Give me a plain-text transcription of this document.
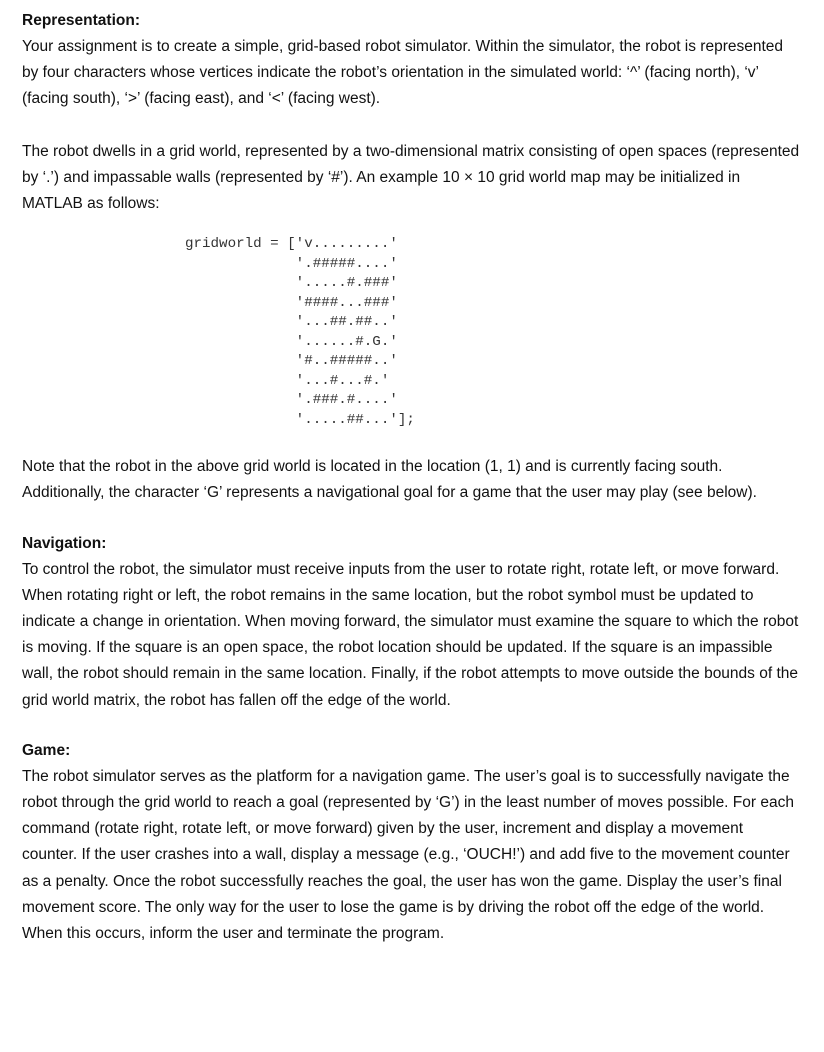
Representation:

Your assignment is to create a simple, grid-based robot simulator. Within the simulator, the robot is represented by four characters whose vertices indicate the robot’s orientation in the simulated world: ‘^’ (facing north), ‘v’ (facing south), ‘>’ (facing east), and ‘<’ (facing west).

The robot dwells in a grid world, represented by a two-dimensional matrix consisting of open spaces (represented by ‘.’) and impassable walls (represented by ‘#’). An example 10 × 10 grid world map may be initialized in MATLAB as follows:

gridworld = ['v.........'
'.#####....'
'.....#.###'
'####...###'
'...##.##..'
'......#.G.'
'#..#####..'
'...#...#.'
'.###.#....'
'.....##...'];

Note that the robot in the above grid world is located in the location (1, 1) and is currently facing south. Additionally, the character ‘G’ represents a navigational goal for a game that the user may play (see below).

Navigation:

To control the robot, the simulator must receive inputs from the user to rotate right, rotate left, or move forward. When rotating right or left, the robot remains in the same location, but the robot symbol must be updated to indicate a change in orientation. When moving forward, the simulator must examine the square to which the robot is moving. If the square is an open space, the robot location should be updated. If the square is an impassible wall, the robot should remain in the same location. Finally, if the robot attempts to move outside the bounds of the grid world matrix, the robot has fallen off the edge of the world.

Game:

The robot simulator serves as the platform for a navigation game. The user’s goal is to successfully navigate the robot through the grid world to reach a goal (represented by ‘G’) in the least number of moves possible. For each command (rotate right, rotate left, or move forward) given by the user, increment and display a movement counter. If the user crashes into a wall, display a message (e.g., ‘OUCH!’) and add five to the movement counter as a penalty. Once the robot successfully reaches the goal, the user has won the game. Display the user’s final movement score. The only way for the user to lose the game is by driving the robot off the edge of the world. When this occurs, inform the user and terminate the program.
